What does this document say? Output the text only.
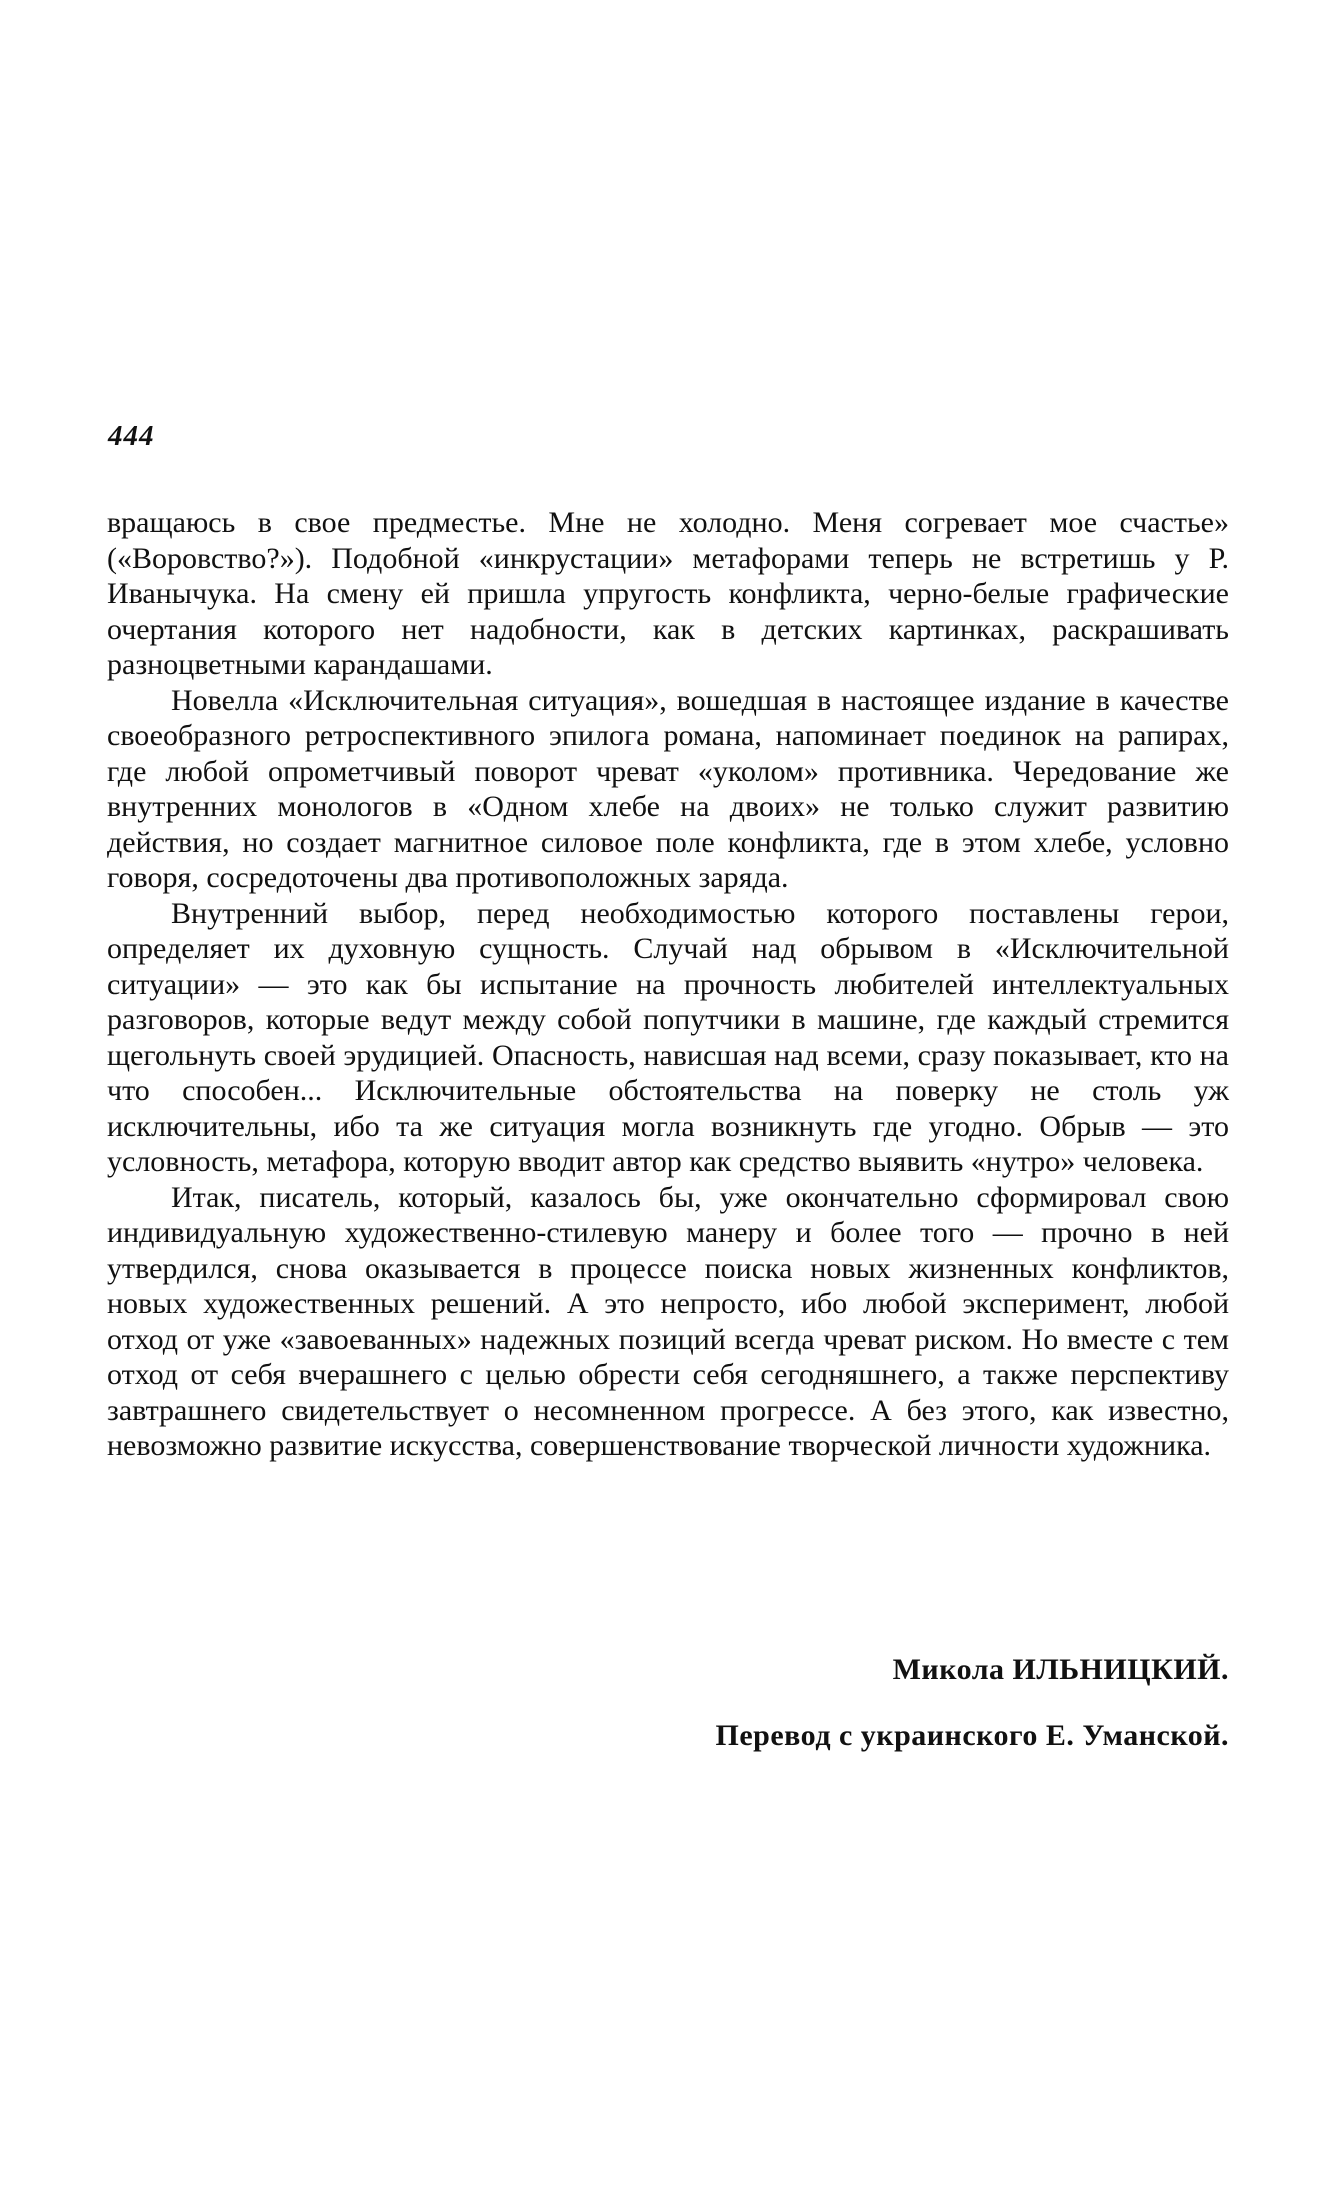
444

вращаюсь в свое предместье. Мне не холодно. Меня согревает мое счастье» («Воровство?»). Подобной «инкрустации» метафорами теперь не встретишь у Р. Иванычука. На смену ей пришла упругость конфликта, черно-белые графические очертания которого нет надобности, как в детских картинках, раскрашивать разноцветными карандашами.

Новелла «Исключительная ситуация», вошедшая в настоящее издание в качестве своеобразного ретроспективного эпилога романа, напоминает поединок на рапирах, где любой опрометчивый поворот чреват «уколом» противника. Чередование же внутренних монологов в «Одном хлебе на двоих» не только служит развитию действия, но создает магнитное силовое поле конфликта, где в этом хлебе, условно говоря, сосредоточены два противоположных заряда.

Внутренний выбор, перед необходимостью которого поставлены герои, определяет их духовную сущность. Случай над обрывом в «Исключительной ситуации» — это как бы испытание на прочность любителей интеллектуальных разговоров, которые ведут между собой попутчики в машине, где каждый стремится щегольнуть своей эрудицией. Опасность, нависшая над всеми, сразу показывает, кто на что способен... Исключительные обстоятельства на поверку не столь уж исключительны, ибо та же ситуация могла возникнуть где угодно. Обрыв — это условность, метафора, которую вводит автор как средство выявить «нутро» человека.

Итак, писатель, который, казалось бы, уже окончательно сформировал свою индивидуальную художественно-стилевую манеру и более того — прочно в ней утвердился, снова оказывается в процессе поиска новых жизненных конфликтов, новых художественных решений. А это непросто, ибо любой эксперимент, любой отход от уже «завоеванных» надежных позиций всегда чреват риском. Но вместе с тем отход от себя вчерашнего с целью обрести себя сегодняшнего, а также перспективу завтрашнего свидетельствует о несомненном прогрессе. А без этого, как известно, невозможно развитие искусства, совершенствование творческой личности художника.

Микола ИЛЬНИЦКИЙ.
Перевод с украинского Е. Уманской.
